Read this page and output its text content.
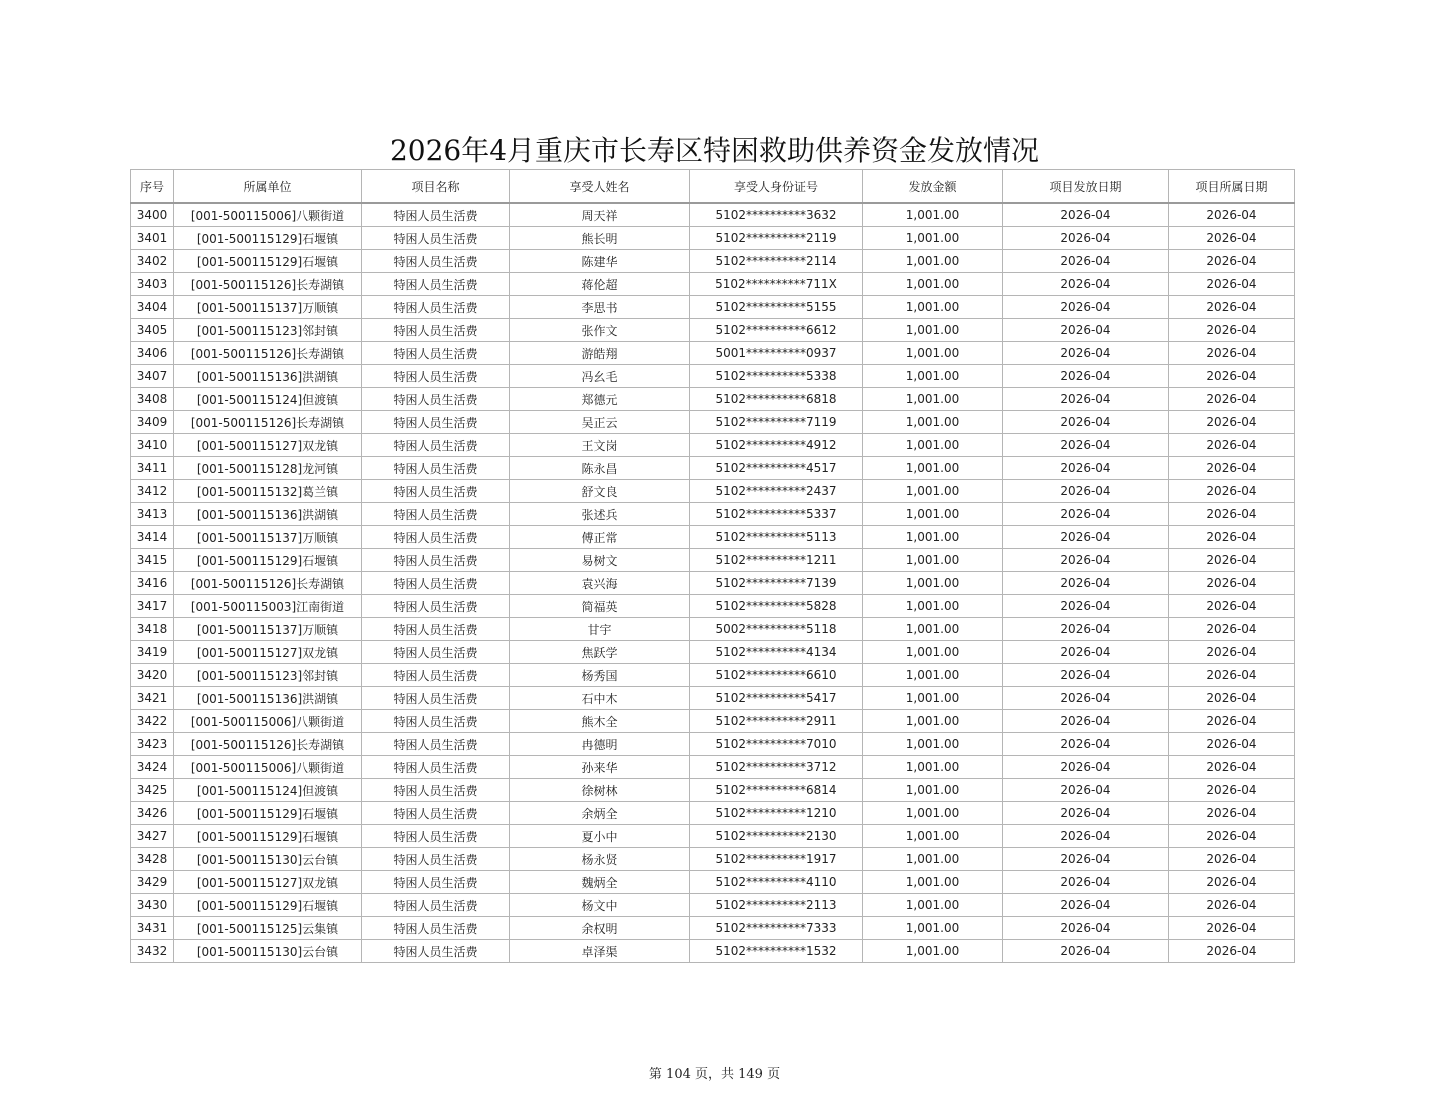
2026年4月重庆市长寿区特困救助供养资金发放情况
序号	所属单位	项目名称	享受人姓名	享受人身份证号	发放金额	项目发放日期	项目所属日期
3400	[001-500115006]八颗街道	特困人员生活费	周天祥	5102**********3632	1,001.00	2026-04	2026-04
3401	[001-500115129]石堰镇	特困人员生活费	熊长明	5102**********2119	1,001.00	2026-04	2026-04
3402	[001-500115129]石堰镇	特困人员生活费	陈建华	5102**********2114	1,001.00	2026-04	2026-04
3403	[001-500115126]长寿湖镇	特困人员生活费	蒋伦超	5102**********711X	1,001.00	2026-04	2026-04
3404	[001-500115137]万顺镇	特困人员生活费	李思书	5102**********5155	1,001.00	2026-04	2026-04
3405	[001-500115123]邻封镇	特困人员生活费	张作文	5102**********6612	1,001.00	2026-04	2026-04
3406	[001-500115126]长寿湖镇	特困人员生活费	游皓翔	5001**********0937	1,001.00	2026-04	2026-04
3407	[001-500115136]洪湖镇	特困人员生活费	冯幺毛	5102**********5338	1,001.00	2026-04	2026-04
3408	[001-500115124]但渡镇	特困人员生活费	郑德元	5102**********6818	1,001.00	2026-04	2026-04
3409	[001-500115126]长寿湖镇	特困人员生活费	吴正云	5102**********7119	1,001.00	2026-04	2026-04
3410	[001-500115127]双龙镇	特困人员生活费	王文岗	5102**********4912	1,001.00	2026-04	2026-04
3411	[001-500115128]龙河镇	特困人员生活费	陈永昌	5102**********4517	1,001.00	2026-04	2026-04
3412	[001-500115132]葛兰镇	特困人员生活费	舒文良	5102**********2437	1,001.00	2026-04	2026-04
3413	[001-500115136]洪湖镇	特困人员生活费	张述兵	5102**********5337	1,001.00	2026-04	2026-04
3414	[001-500115137]万顺镇	特困人员生活费	傅正常	5102**********5113	1,001.00	2026-04	2026-04
3415	[001-500115129]石堰镇	特困人员生活费	易树文	5102**********1211	1,001.00	2026-04	2026-04
3416	[001-500115126]长寿湖镇	特困人员生活费	袁兴海	5102**********7139	1,001.00	2026-04	2026-04
3417	[001-500115003]江南街道	特困人员生活费	简福英	5102**********5828	1,001.00	2026-04	2026-04
3418	[001-500115137]万顺镇	特困人员生活费	甘宇	5002**********5118	1,001.00	2026-04	2026-04
3419	[001-500115127]双龙镇	特困人员生活费	焦跃学	5102**********4134	1,001.00	2026-04	2026-04
3420	[001-500115123]邻封镇	特困人员生活费	杨秀国	5102**********6610	1,001.00	2026-04	2026-04
3421	[001-500115136]洪湖镇	特困人员生活费	石中木	5102**********5417	1,001.00	2026-04	2026-04
3422	[001-500115006]八颗街道	特困人员生活费	熊木全	5102**********2911	1,001.00	2026-04	2026-04
3423	[001-500115126]长寿湖镇	特困人员生活费	冉德明	5102**********7010	1,001.00	2026-04	2026-04
3424	[001-500115006]八颗街道	特困人员生活费	孙来华	5102**********3712	1,001.00	2026-04	2026-04
3425	[001-500115124]但渡镇	特困人员生活费	徐树林	5102**********6814	1,001.00	2026-04	2026-04
3426	[001-500115129]石堰镇	特困人员生活费	余炳全	5102**********1210	1,001.00	2026-04	2026-04
3427	[001-500115129]石堰镇	特困人员生活费	夏小中	5102**********2130	1,001.00	2026-04	2026-04
3428	[001-500115130]云台镇	特困人员生活费	杨永贤	5102**********1917	1,001.00	2026-04	2026-04
3429	[001-500115127]双龙镇	特困人员生活费	魏炳全	5102**********4110	1,001.00	2026-04	2026-04
3430	[001-500115129]石堰镇	特困人员生活费	杨文中	5102**********2113	1,001.00	2026-04	2026-04
3431	[001-500115125]云集镇	特困人员生活费	余权明	5102**********7333	1,001.00	2026-04	2026-04
3432	[001-500115130]云台镇	特困人员生活费	卓泽渠	5102**********1532	1,001.00	2026-04	2026-04
第 104 页，共 149 页
